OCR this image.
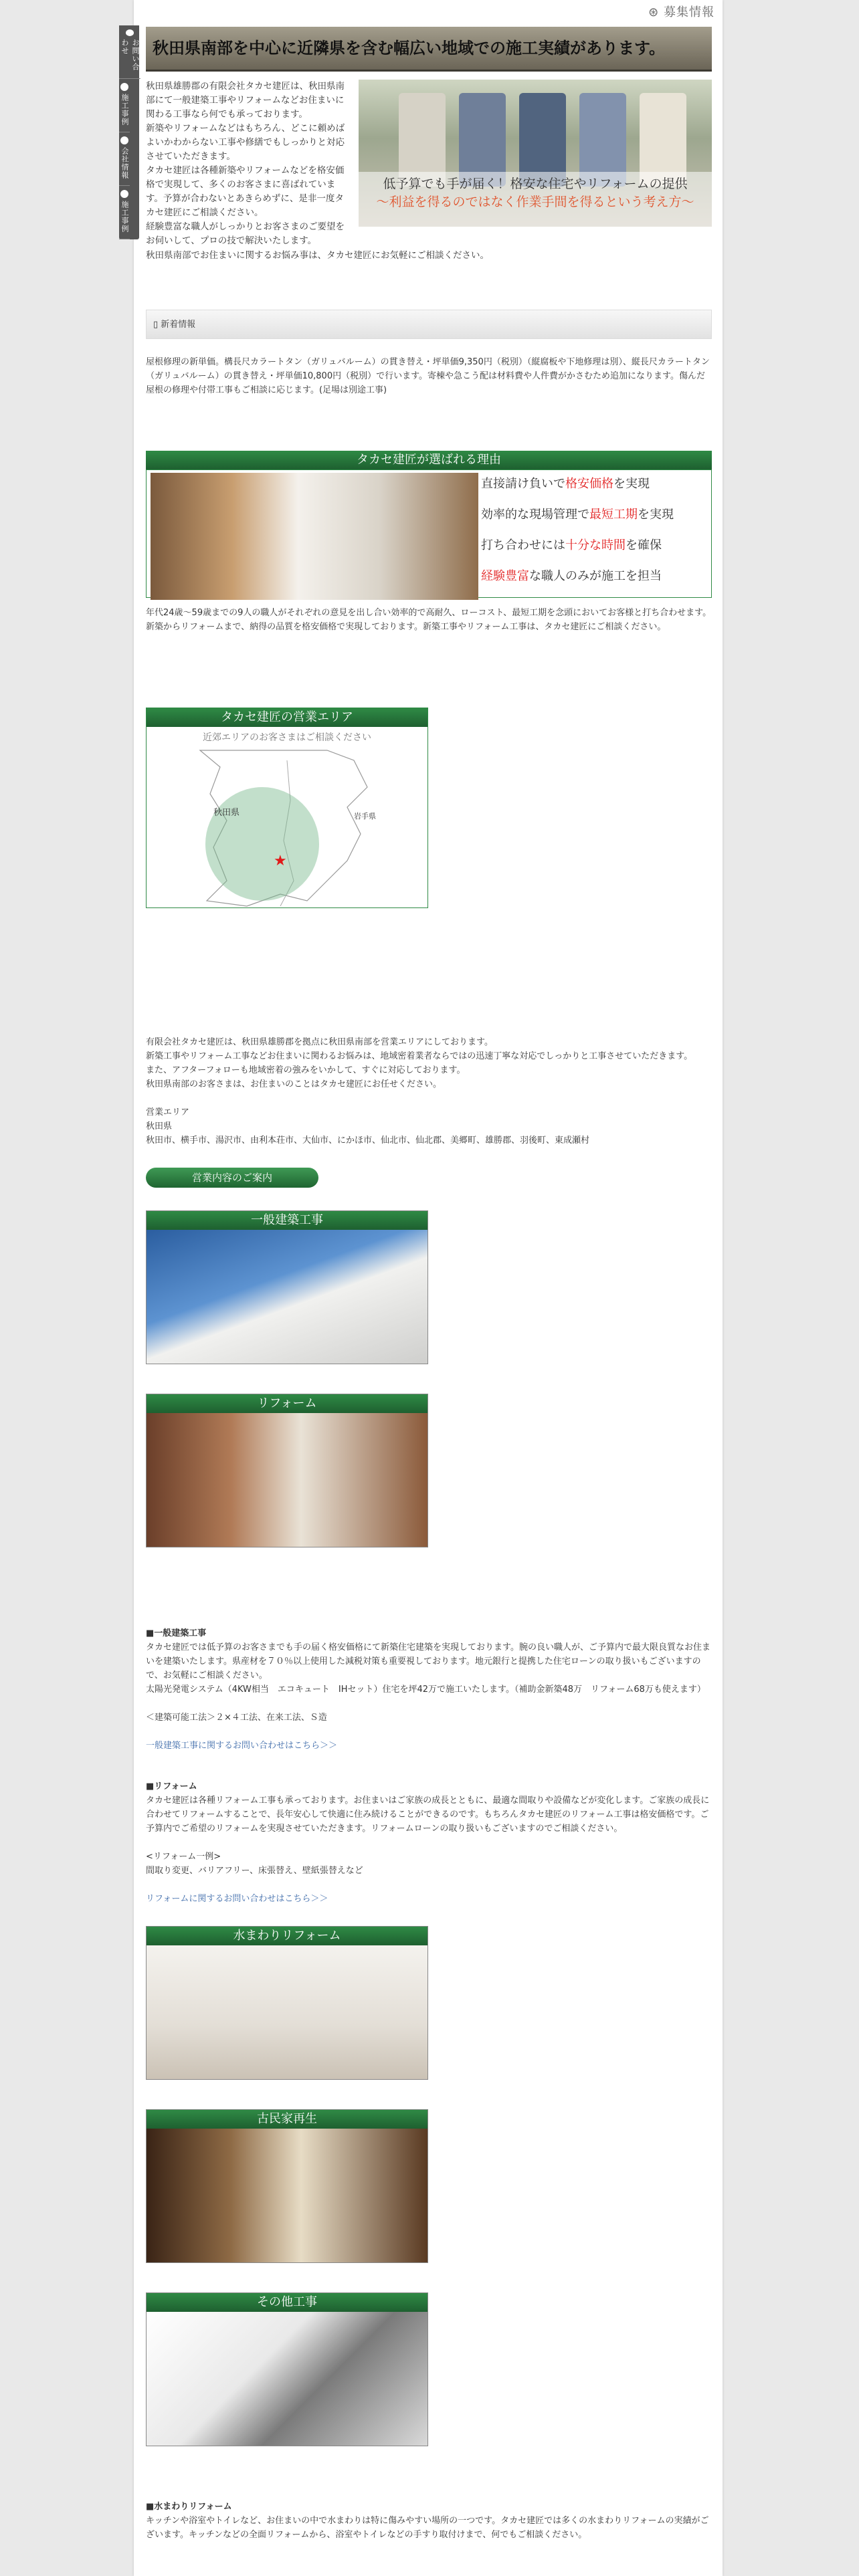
⊛ 募集情報
お問い合わせ
施工事例
会社情報
施工事例
秋田県南部を中心に近隣県を含む幅広い地域での施工実績があります。

秋田県雄勝郡の有限会社タカセ建匠は、秋田県南部にて一般建築工事やリフォームなどお住まいに関わる工事なら何でも承っております。

新築やリフォームなどはもちろん、どこに頼めばよいかわからない工事や修繕でもしっかりと対応させていただきます。

タカセ建匠は各種新築やリフォームなどを格安価格で実現して、多くのお客さまに喜ばれています。予算が合わないとあきらめずに、是非一度タカセ建匠にご相談ください。

経験豊富な職人がしっかりとお客さまのご要望をお伺いして、プロの技で解決いたします。

低予算でも手が届く！格安な住宅やリフォームの提供
〜利益を得るのではなく作業手間を得るという考え方〜
秋田県南部でお住まいに関するお悩み事は、タカセ建匠にお気軽にご相談ください。
▯ 新着情報
屋根修理の新単価。構長尺カラートタン（ガリュバルーム）の貫き替え・坪単価9,350円（税別）（縦腐板や下地修理は別）、縦長尺カラートタン（ガリュバルーム）の貫き替え・坪単価10,800円（税別）で行います。寄棟や急こう配は材料費や人件費がかさむため追加になります。傷んだ屋根の修理や付帯工事もご相談に応じます。(足場は別途工事)
タカセ建匠が選ばれる理由
直接請け負いで格安価格を実現
効率的な現場管理で最短工期を実現
打ち合わせには十分な時間を確保
経験豊富な職人のみが施工を担当
年代24歳〜59歳までの9人の職人がそれぞれの意見を出し合い効率的で高耐久、ローコスト、最短工期を念頭においてお客様と打ち合わせます。新築からリフォームまで、納得の品質を格安価格で実現しております。新築工事やリフォーム工事は、タカセ建匠にご相談ください。
タカセ建匠の営業エリア
近郊エリアのお客さまはご相談ください
秋田県	岩手県
★

有限会社タカセ建匠は、秋田県雄勝郡を拠点に秋田県南部を営業エリアにしております。

新築工事やリフォーム工事などお住まいに関わるお悩みは、地域密着業者ならではの迅速丁寧な対応でしっかりと工事させていただきます。

また、アフターフォローも地域密着の強みをいかして、すぐに対応しております。

秋田県南部のお客さまは、お住まいのことはタカセ建匠にお任せください。

営業エリア

秋田県

秋田市、横手市、湯沢市、由利本荘市、大仙市、にかほ市、仙北市、仙北郡、美郷町、雄勝郡、羽後町、東成瀬村

営業内容のご案内
一般建築工事
リフォーム

■一般建築工事

タカセ建匠では低予算のお客さまでも手の届く格安価格にて新築住宅建築を実現しております。腕の良い職人が、ご予算内で最大限良質なお住まいを建築いたします。県産材を７０％以上使用した減税対策も重要視しております。地元銀行と提携した住宅ローンの取り扱いもございますので、お気軽にご相談ください。

太陽光発電システム（4KW相当　エコキュート　IHセット）住宅を坪42万で施工いたします。（補助金新築48万　リフォーム68万も使えます）

＜建築可能工法＞２×４工法、在来工法、Ｓ造

一般建築工事に関するお問い合わせはこちら＞＞

■リフォーム

タカセ建匠は各種リフォーム工事も承っております。お住まいはご家族の成長とともに、最適な間取りや設備などが変化します。ご家族の成長に合わせてリフォームすることで、長年安心して快適に住み続けることができるのです。もちろんタカセ建匠のリフォーム工事は格安価格です。ご予算内でご希望のリフォームを実現させていただきます。リフォームローンの取り扱いもございますのでご相談ください。

<リフォーム一例>

間取り変更、バリアフリー、床張替え、壁紙張替えなど

リフォームに関するお問い合わせはこちら＞＞

水まわりリフォーム
古民家再生
その他工事

■水まわりリフォーム

キッチンや浴室やトイレなど、お住まいの中で水まわりは特に傷みやすい場所の一つです。タカセ建匠では多くの水まわりリフォームの実績がございます。キッチンなどの全面リフォームから、浴室やトイレなどの手すり取付けまで、何でもご相談ください。
